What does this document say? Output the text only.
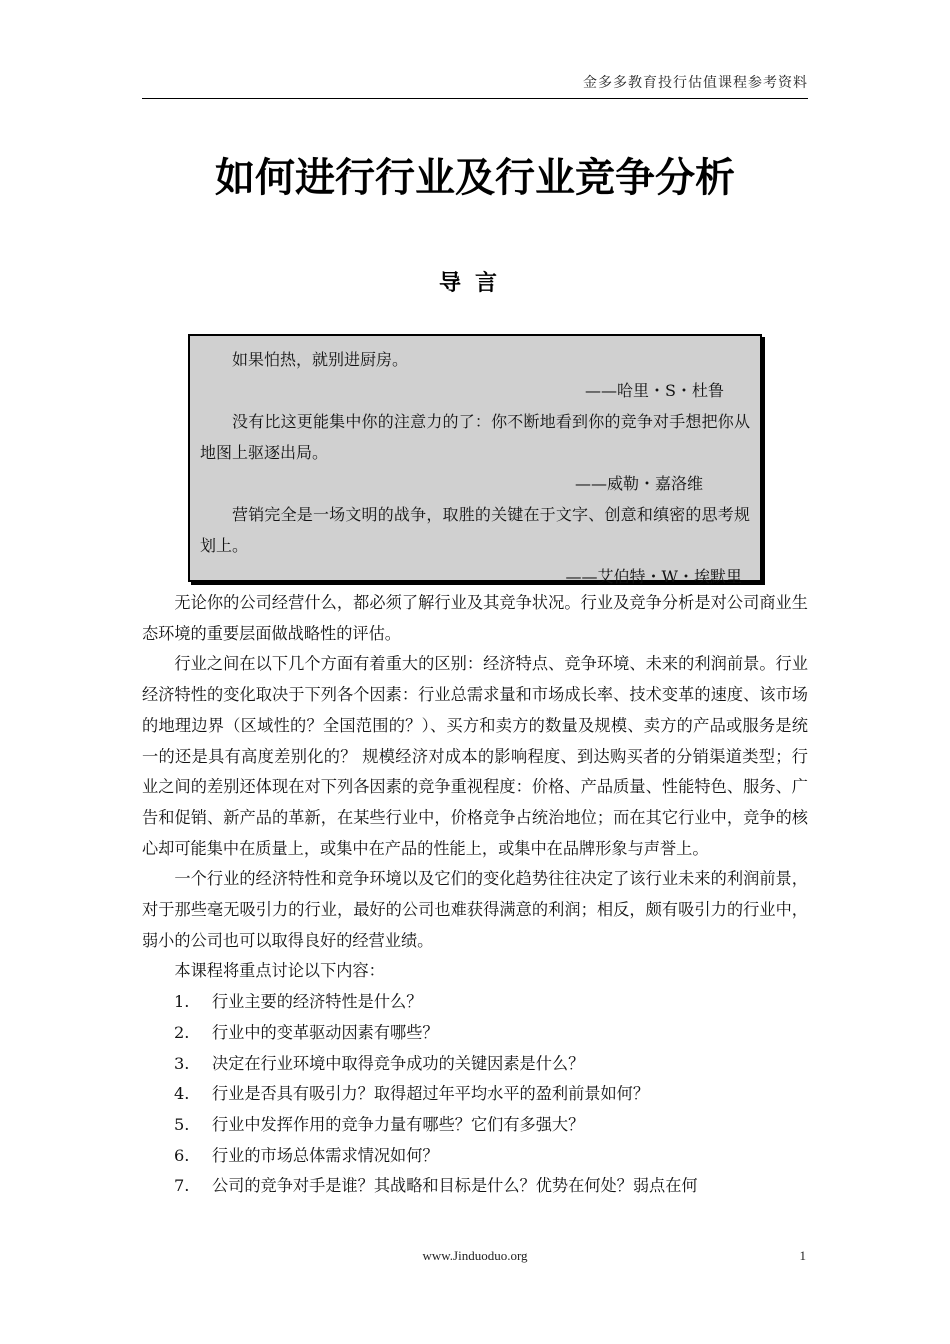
金多多教育投行估值课程参考资料
如何进行行业及行业竞争分析
导言

如果怕热，就别进厨房。

——哈里・S・杜鲁

没有比这更能集中你的注意力的了：你不断地看到你的竞争对手想把你从地图上驱逐出局。

——威勒・嘉洛维

营销完全是一场文明的战争，取胜的关键在于文字、创意和缜密的思考规划上。

——艾伯特・W・埃默里

无论你的公司经营什么，都必须了解行业及其竞争状况。行业及竞争分析是对公司商业生态环境的重要层面做战略性的评估。

行业之间在以下几个方面有着重大的区别：经济特点、竞争环境、未来的利润前景。行业经济特性的变化取决于下列各个因素：行业总需求量和市场成长率、技术变革的速度、该市场的地理边界（区域性的？全国范围的？）、买方和卖方的数量及规模、卖方的产品或服务是统一的还是具有高度差别化的？ 规模经济对成本的影响程度、到达购买者的分销渠道类型；行业之间的差别还体现在对下列各因素的竞争重视程度：价格、产品质量、性能特色、服务、广告和促销、新产品的革新，在某些行业中，价格竞争占统治地位；而在其它行业中，竞争的核心却可能集中在质量上，或集中在产品的性能上，或集中在品牌形象与声誉上。

一个行业的经济特性和竞争环境以及它们的变化趋势往往决定了该行业未来的利润前景，对于那些毫无吸引力的行业，最好的公司也难获得满意的利润；相反，颇有吸引力的行业中，弱小的公司也可以取得良好的经营业绩。

本课程将重点讨论以下内容：

1.	行业主要的经济特性是什么？
2.	行业中的变革驱动因素有哪些？
3.	决定在行业环境中取得竞争成功的关键因素是什么？
4.	行业是否具有吸引力？取得超过年平均水平的盈利前景如何？
5.	行业中发挥作用的竞争力量有哪些？它们有多强大？
6.	行业的市场总体需求情况如何？
7.	公司的竞争对手是谁？其战略和目标是什么？优势在何处？弱点在何
www.Jinduoduo.org	1
